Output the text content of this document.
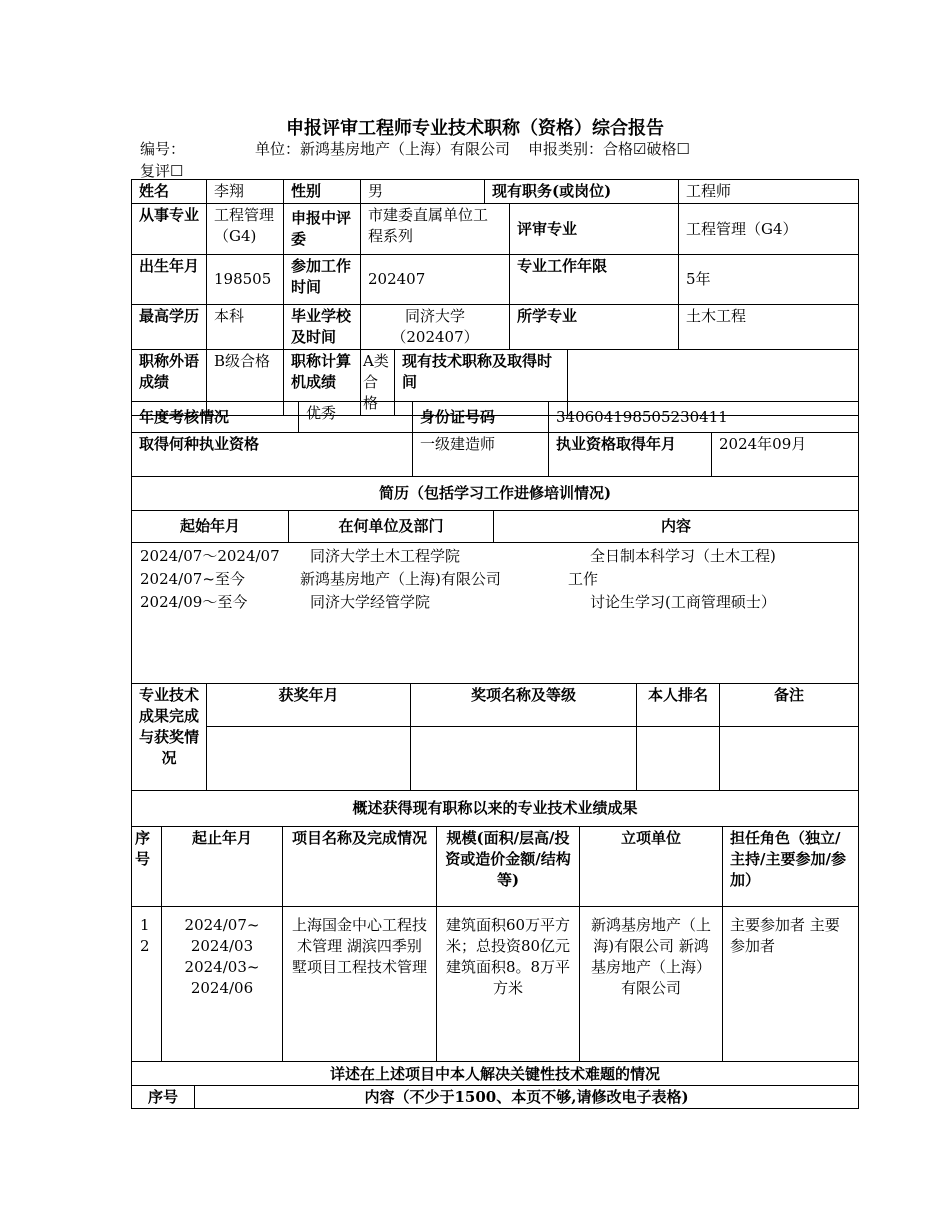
申报评审工程师专业技术职称（资格）综合报告
编号：	单位：新鸿基房地产（上海）有限公司 申报类别：合格☑破格☐
复评☐
姓名	李翔	性别	男		现有职务(或岗位)			工程师
从事专业	工程管理（G4)	申报中评委	市建委直属单位工程系列			评审专业		工程管理（G4）
出生年月	198505	参加工作时间	202407			专业工作年限		5年
最高学历	本科	毕业学校及时间	同济大学（202407）			所学专业		土木工程
职称外语成绩	B级合格	职称计算机成绩	A类合格	现有技术职称及取得时间				
年度考核情况	优秀	身份证号码	340604198505230411
取得何种执业资格	一级建造师	执业资格取得年月	2024年09月
简历（包括学习工作进修培训情况)
起始年月	在何单位及部门	内容

2024/07～2024/07	同济大学土木工程学院	全日制本科学习（土木工程)
2024/07~至今	新鸿基房地产（上海)有限公司	工作
2024/09～至今	同济大学经管学院	讨论生学习(工商管理硕士）
专业技术成果完成与获奖情况	获奖年月	奖项名称及等级	本人排名	备注

概述获得现有职称以来的专业技术业绩成果					
序号	起止年月	项目名称及完成情况	规模(面积/层高/投资或造价金额/结构等)	立项单位	担任角色（独立/主持/主要参加/参加）
1 2	2024/07~ 2024/03 2024/03~ 2024/06	上海国金中心工程技术管理 湖滨四季别墅项目工程技术管理	建筑面积60万平方米；总投资80亿元 建筑面积8。8万平方米	新鸿基房地产（上海)有限公司 新鸿基房地产（上海）有限公司	主要参加者 主要参加者
详述在上述项目中本人解决关键性技术难题的情况
序号	内容（不少于1500、本页不够,请修改电子表格)
